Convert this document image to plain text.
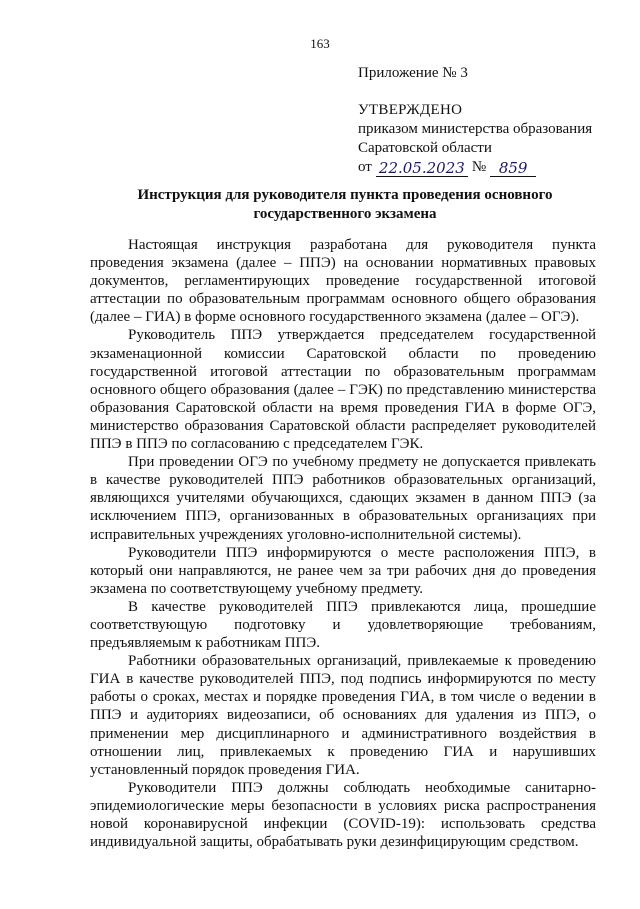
163
Приложение № 3
УТВЕРЖДЕНО
приказом министерства образования
Саратовской области
от 22.05.2023 № 859
Инструкция для руководителя пункта проведения основного государственного экзамена

Настоящая инструкция разработана для руководителя пункта проведения экзамена (далее – ППЭ) на основании нормативных правовых документов, регламентирующих проведение государственной итоговой аттестации по образовательным программам основного общего образования (далее – ГИА) в форме основного государственного экзамена (далее – ОГЭ).

Руководитель ППЭ утверждается председателем государственной экзаменационной комиссии Саратовской области по проведению государственной итоговой аттестации по образовательным программам основного общего образования (далее – ГЭК) по представлению министерства образования Саратовской области на время проведения ГИА в форме ОГЭ, министерство образования Саратовской области распределяет руководителей ППЭ в ППЭ по согласованию с председателем ГЭК.

При проведении ОГЭ по учебному предмету не допускается привлекать в качестве руководителей ППЭ работников образовательных организаций, являющихся учителями обучающихся, сдающих экзамен в данном ППЭ (за исключением ППЭ, организованных в образовательных организациях при исправительных учреждениях уголовно-исполнительной системы).

Руководители ППЭ информируются о месте расположения ППЭ, в который они направляются, не ранее чем за три рабочих дня до проведения экзамена по соответствующему учебному предмету.

В качестве руководителей ППЭ привлекаются лица, прошедшие соответствующую подготовку и удовлетворяющие требованиям, предъявляемым к работникам ППЭ.

Работники образовательных организаций, привлекаемые к проведению ГИА в качестве руководителей ППЭ, под подпись информируются по месту работы о сроках, местах и порядке проведения ГИА, в том числе о ведении в ППЭ и аудиториях видеозаписи, об основаниях для удаления из ППЭ, о применении мер дисциплинарного и административного воздействия в отношении лиц, привлекаемых к проведению ГИА и нарушивших установленный порядок проведения ГИА.

Руководители ППЭ должны соблюдать необходимые санитарно-эпидемиологические меры безопасности в условиях риска распространения новой коронавирусной инфекции (COVID-19): использовать средства индивидуальной защиты, обрабатывать руки дезинфицирующим средством.
